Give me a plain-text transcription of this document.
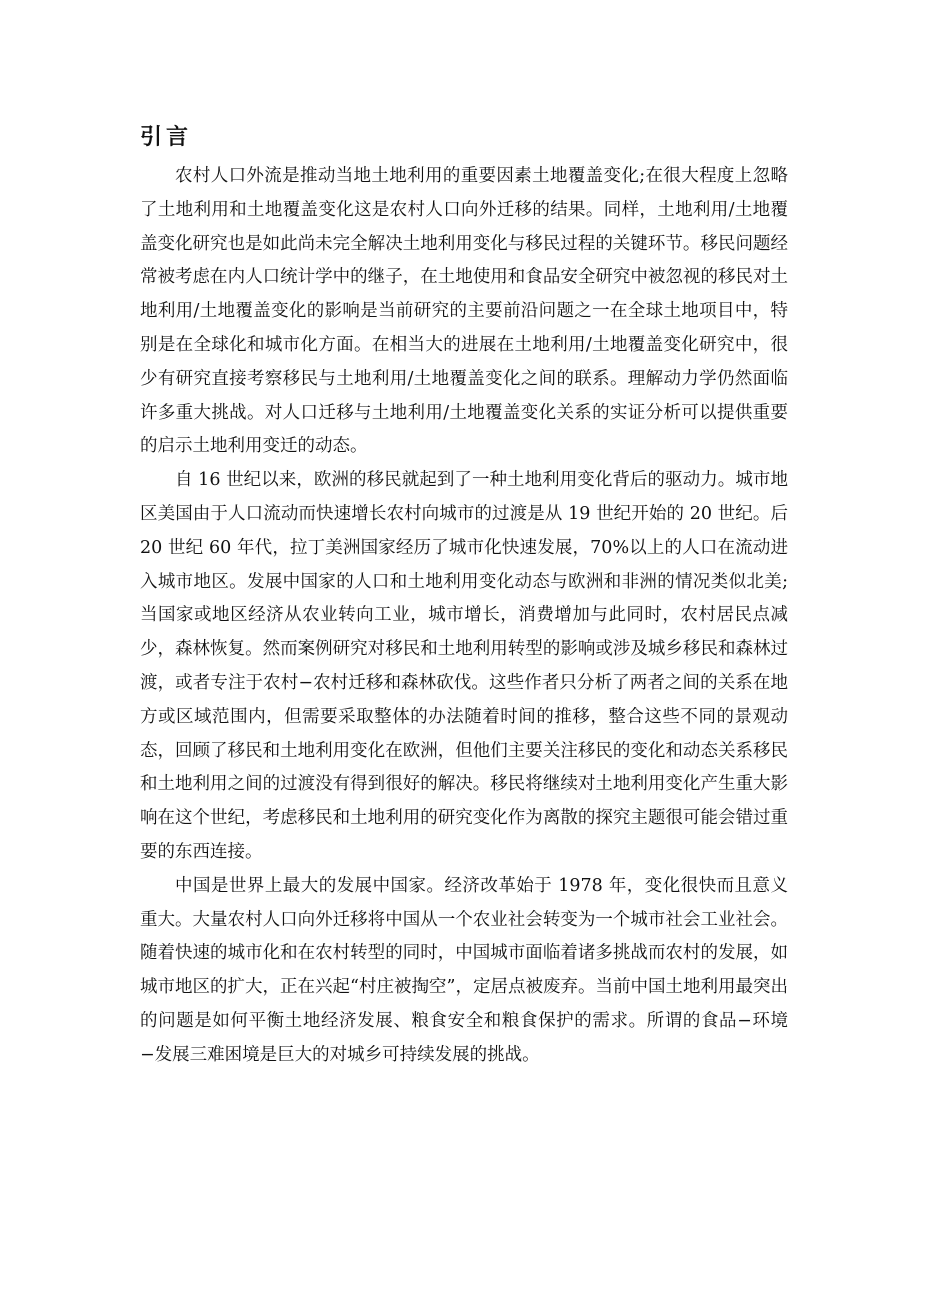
引言

农村人口外流是推动当地土地利用的重要因素土地覆盖变化;在很大程度上忽略了土地利用和土地覆盖变化这是农村人口向外迁移的结果。同样，土地利用/土地覆盖变化研究也是如此尚未完全解决土地利用变化与移民过程的关键环节。移民问题经常被考虑在内人口统计学中的继子，在土地使用和食品安全研究中被忽视的移民对土地利用/土地覆盖变化的影响是当前研究的主要前沿问题之一在全球土地项目中，特别是在全球化和城市化方面。在相当大的进展在土地利用/土地覆盖变化研究中，很少有研究直接考察移民与土地利用/土地覆盖变化之间的联系。理解动力学仍然面临许多重大挑战。对人口迁移与土地利用/土地覆盖变化关系的实证分析可以提供重要的启示土地利用变迁的动态。

自 16 世纪以来，欧洲的移民就起到了一种土地利用变化背后的驱动力。城市地区美国由于人口流动而快速增长农村向城市的过渡是从 19 世纪开始的 20 世纪。后 20 世纪 60 年代，拉丁美洲国家经历了城市化快速发展，70%以上的人口在流动进入城市地区。发展中国家的人口和土地利用变化动态与欧洲和非洲的情况类似北美;当国家或地区经济从农业转向工业，城市增长，消费增加与此同时，农村居民点减少，森林恢复。然而案例研究对移民和土地利用转型的影响或涉及城乡移民和森林过渡，或者专注于农村−农村迁移和森林砍伐。这些作者只分析了两者之间的关系在地方或区域范围内，但需要采取整体的办法随着时间的推移，整合这些不同的景观动态，回顾了移民和土地利用变化在欧洲，但他们主要关注移民的变化和动态关系移民和土地利用之间的过渡没有得到很好的解决。移民将继续对土地利用变化产生重大影响在这个世纪，考虑移民和土地利用的研究变化作为离散的探究主题很可能会错过重要的东西连接。

中国是世界上最大的发展中国家。经济改革始于 1978 年，变化很快而且意义重大。大量农村人口向外迁移将中国从一个农业社会转变为一个城市社会工业社会。随着快速的城市化和在农村转型的同时，中国城市面临着诸多挑战而农村的发展，如城市地区的扩大，正在兴起“村庄被掏空”，定居点被废弃。当前中国土地利用最突出的问题是如何平衡土地经济发展、粮食安全和粮食保护的需求。所谓的食品−环境−发展三难困境是巨大的对城乡可持续发展的挑战。
